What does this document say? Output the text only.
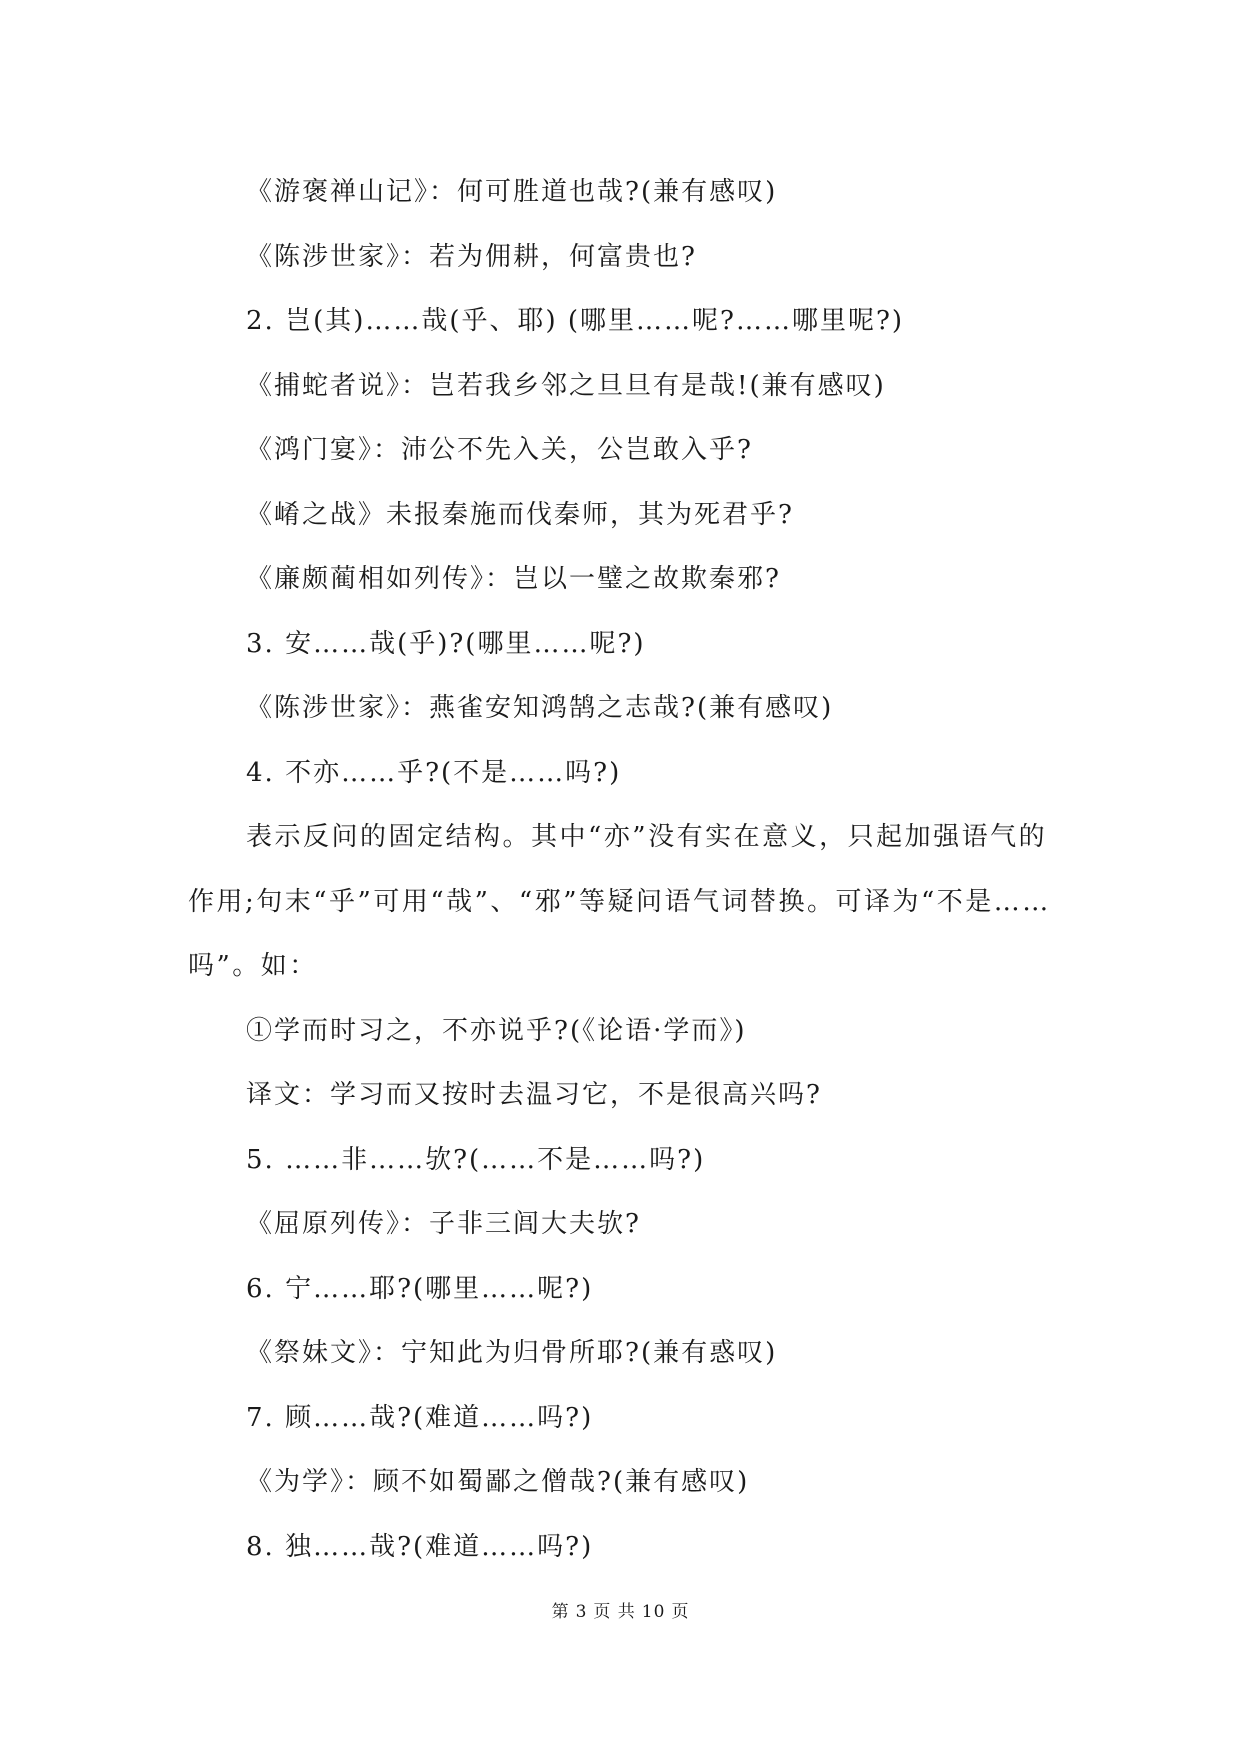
《游褒禅山记》：何可胜道也哉?(兼有感叹)
《陈涉世家》：若为佣耕，何富贵也?
2. 岂(其)……哉(乎、耶) (哪里……呢?……哪里呢?)
《捕蛇者说》：岂若我乡邻之旦旦有是哉!(兼有感叹)
《鸿门宴》：沛公不先入关，公岂敢入乎?
《崤之战》未报秦施而伐秦师，其为死君乎?
《廉颇蔺相如列传》：岂以一璧之故欺秦邪?
3. 安……哉(乎)?(哪里……呢?)
《陈涉世家》：燕雀安知鸿鹄之志哉?(兼有感叹)
4. 不亦……乎?(不是……吗?)
表示反问的固定结构。其中“亦”没有实在意义，只起加强语气的作用;句末“乎”可用“哉”、“邪”等疑问语气词替换。可译为“不是……吗”。如：
①学而时习之，不亦说乎?(《论语·学而》)
译文：学习而又按时去温习它，不是很高兴吗?
5. ……非……欤?(……不是……吗?)
《屈原列传》：子非三闾大夫欤?
6. 宁……耶?(哪里……呢?)
《祭妹文》：宁知此为归骨所耶?(兼有惑叹)
7. 顾……哉?(难道……吗?)
《为学》：顾不如蜀鄙之僧哉?(兼有感叹)
8. 独……哉?(难道……吗?)
第 3 页 共 10 页
